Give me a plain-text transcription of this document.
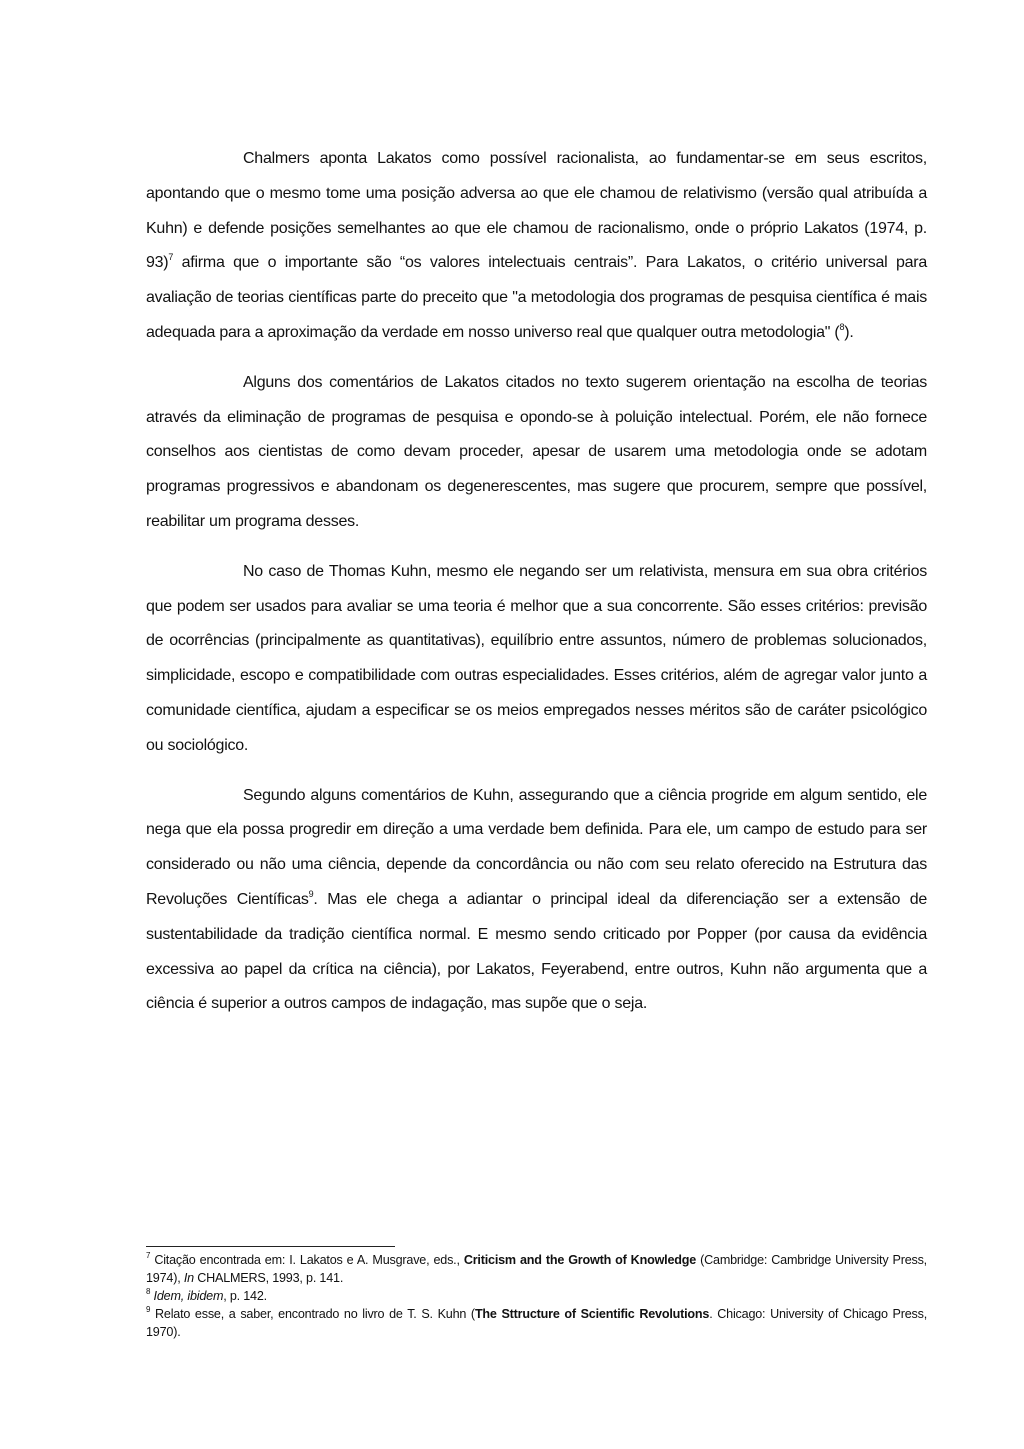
Chalmers aponta Lakatos como possível racionalista, ao fundamentar-se em seus escritos, apontando que o mesmo tome uma posição adversa ao que ele chamou de relativismo (versão qual atribuída a Kuhn) e defende posições semelhantes ao que ele chamou de racionalismo, onde o próprio Lakatos (1974, p. 93)$^7$ afirma que o importante são “os valores intelectuais centrais”. Para Lakatos, o critério universal para avaliação de teorias científicas parte do preceito que "a metodologia dos programas de pesquisa científica é mais adequada para a aproximação da verdade em nosso universo real que qualquer outra metodologia" ($^8$).

Alguns dos comentários de Lakatos citados no texto sugerem orientação na escolha de teorias através da eliminação de programas de pesquisa e opondo-se à poluição intelectual. Porém, ele não fornece conselhos aos cientistas de como devam proceder, apesar de usarem uma metodologia onde se adotam programas progressivos e abandonam os degenerescentes, mas sugere que procurem, sempre que possível, reabilitar um programa desses.

No caso de Thomas Kuhn, mesmo ele negando ser um relativista, mensura em sua obra critérios que podem ser usados para avaliar se uma teoria é melhor que a sua concorrente. São esses critérios: previsão de ocorrências (principalmente as quantitativas), equilíbrio entre assuntos, número de problemas solucionados, simplicidade, escopo e compatibilidade com outras especialidades. Esses critérios, além de agregar valor junto a comunidade científica, ajudam a especificar se os meios empregados nesses méritos são de caráter psicológico ou sociológico.

Segundo alguns comentários de Kuhn, assegurando que a ciência progride em algum sentido, ele nega que ela possa progredir em direção a uma verdade bem definida. Para ele, um campo de estudo para ser considerado ou não uma ciência, depende da concordância ou não com seu relato oferecido na Estrutura das Revoluções Científicas$^9$. Mas ele chega a adiantar o principal ideal da diferenciação ser a extensão de sustentabilidade da tradição científica normal. E mesmo sendo criticado por Popper (por causa da evidência excessiva ao papel da crítica na ciência), por Lakatos, Feyerabend, entre outros, Kuhn não argumenta que a ciência é superior a outros campos de indagação, mas supõe que o seja.

$^7$ Citação encontrada em: I. Lakatos e A. Musgrave, eds., Criticism and the Growth of Knowledge (Cambridge: Cambridge University Press, 1974), In CHALMERS, 1993, p. 141.

$^8$ Idem, ibidem, p. 142.

$^9$ Relato esse, a saber, encontrado no livro de T. S. Kuhn (The Sttructure of Scientific Revolutions. Chicago: University of Chicago Press, 1970).
